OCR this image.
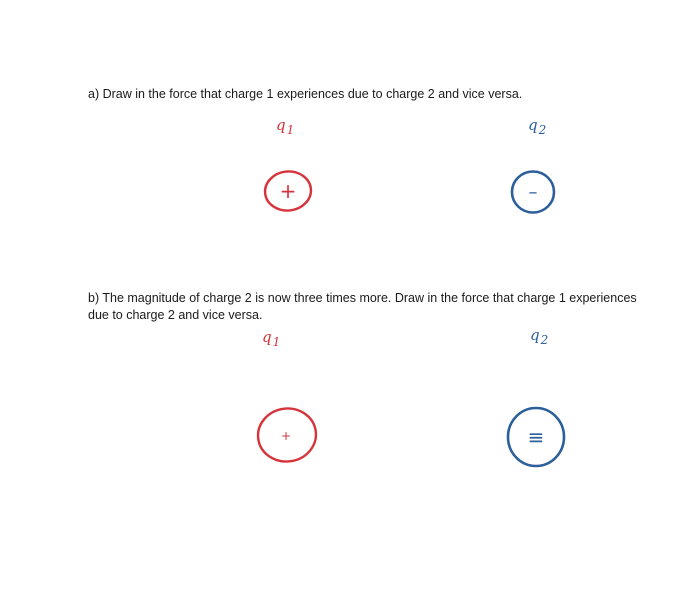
a) Draw in the force that charge 1 experiences due to charge 2 and vice versa.

$q_1$	$q_2$
+	–

b) The magnitude of charge 2 is now three times more. Draw in the force that charge 1 experiences due to charge 2 and vice versa.

$q_1$	$q_2$
+	≡
